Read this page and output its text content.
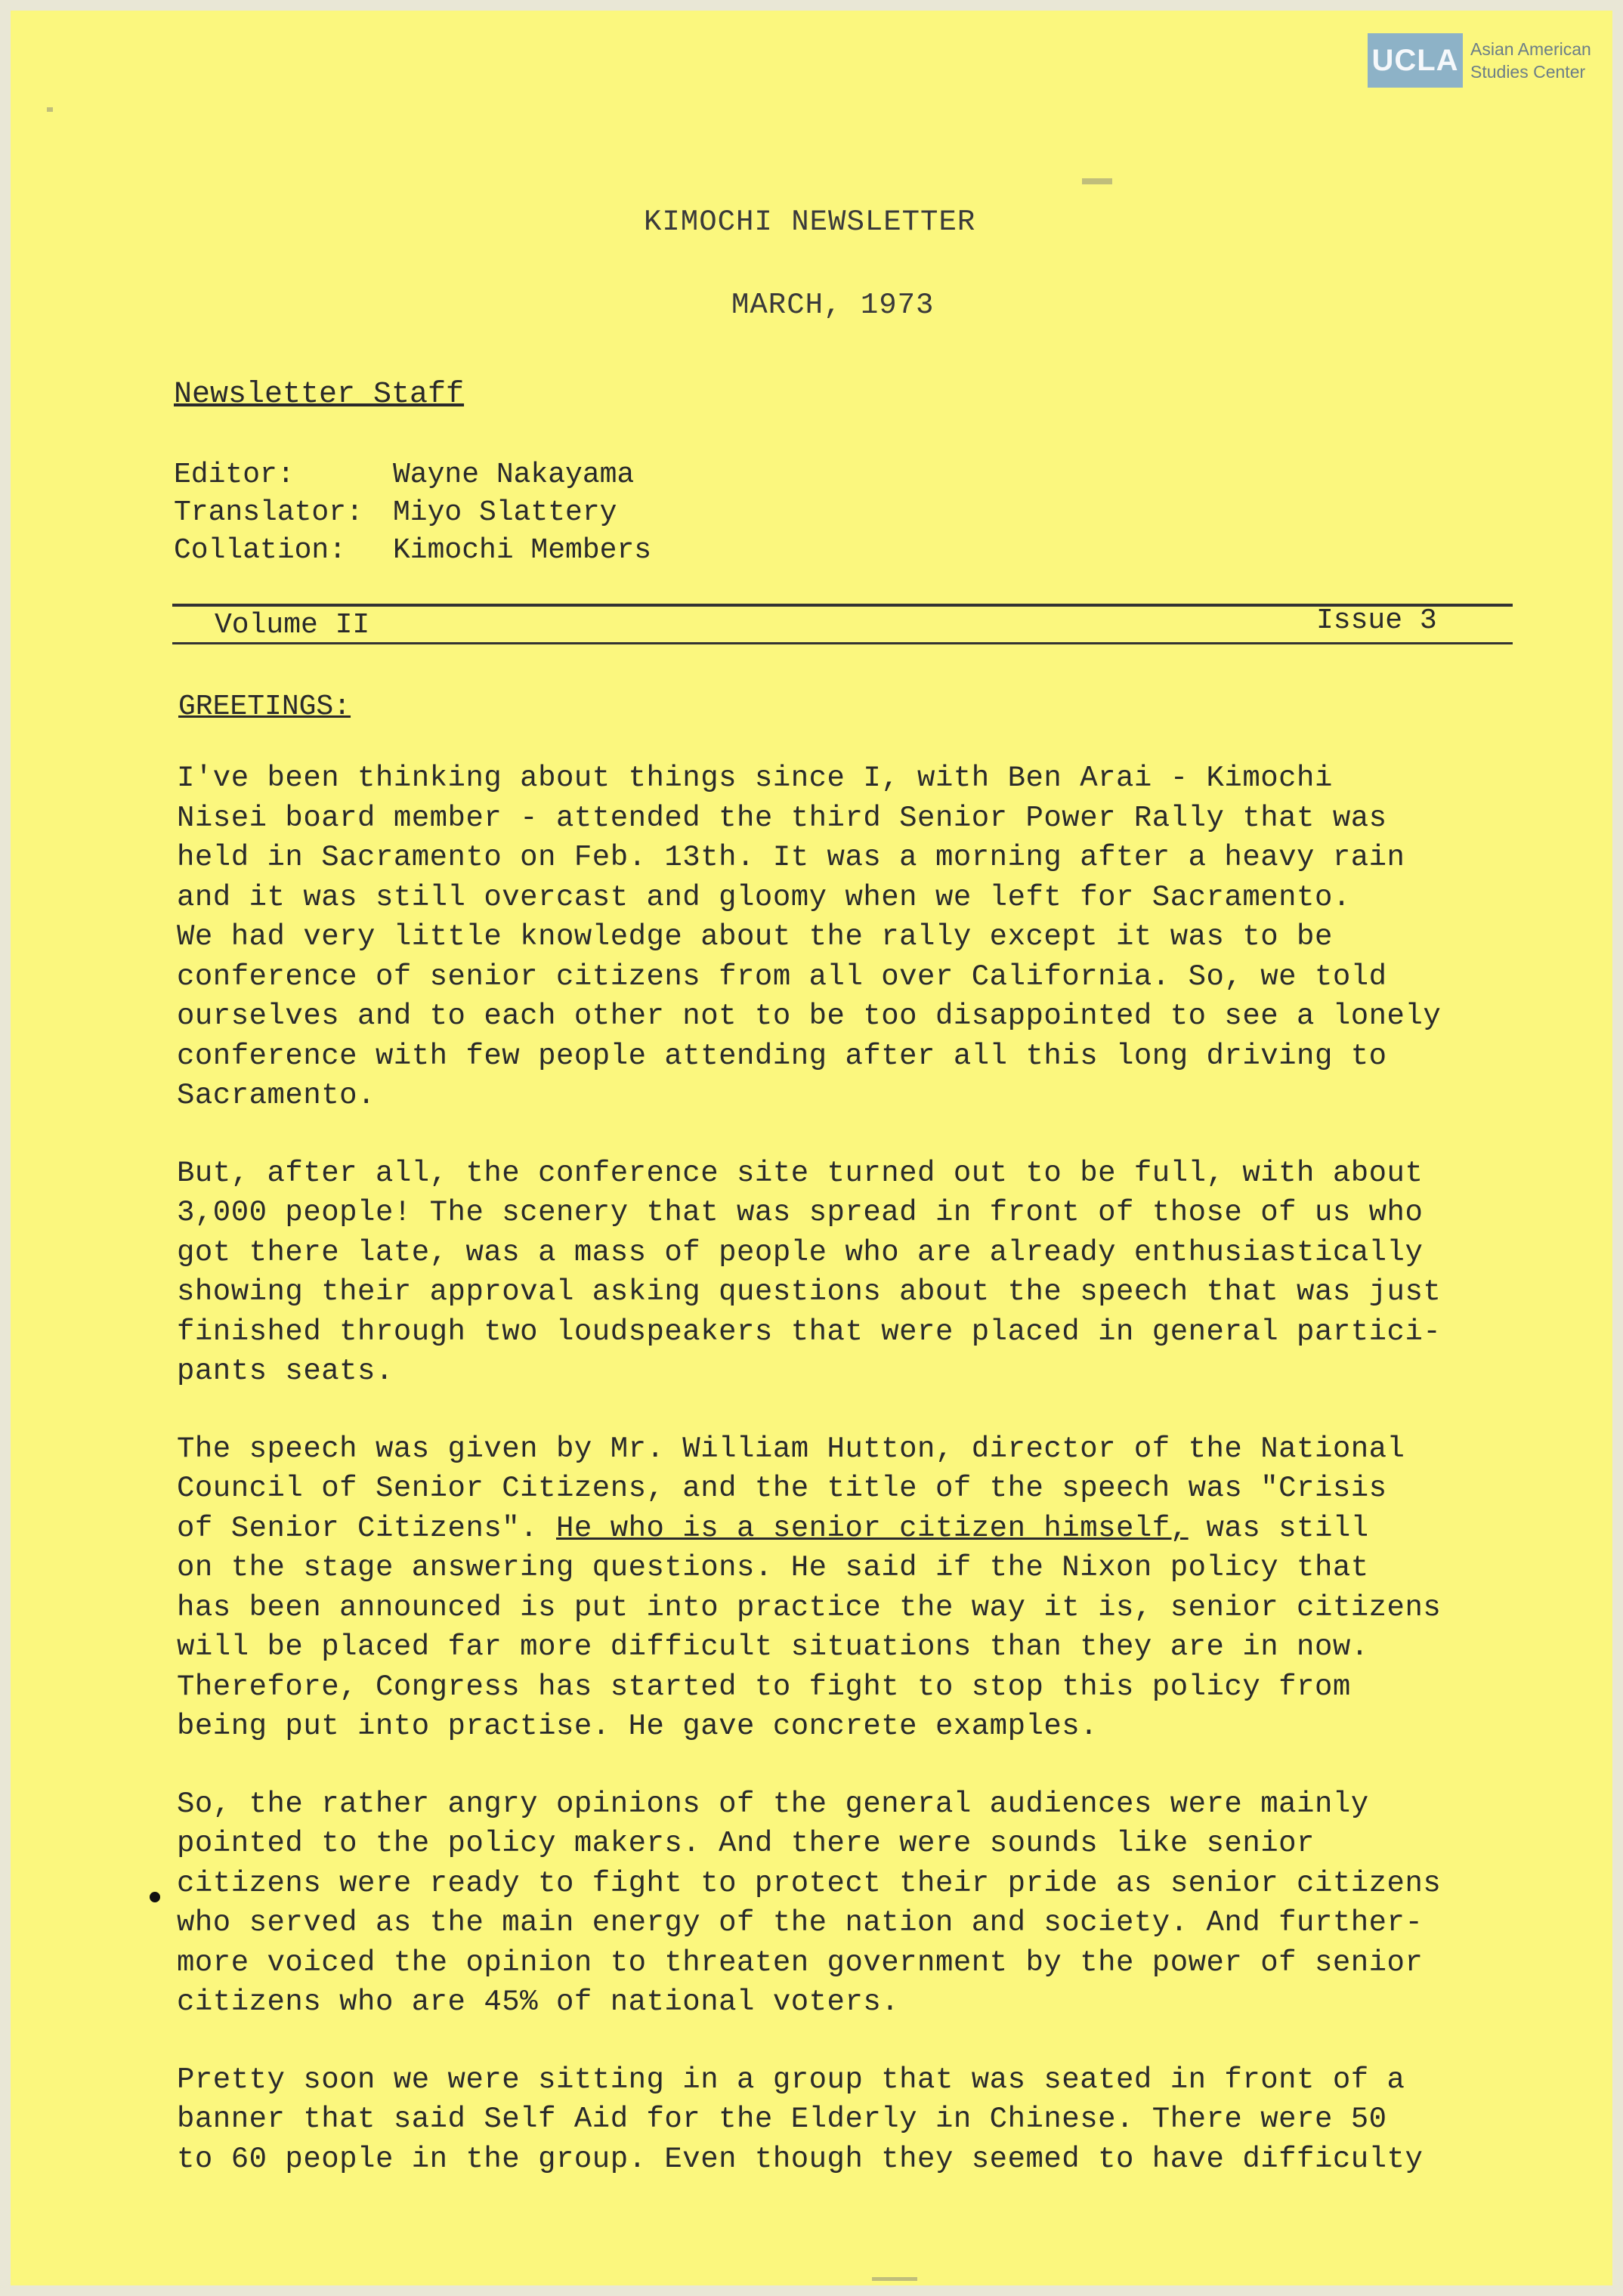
UCLA Asian American
Studies Center
KIMOCHI NEWSLETTER
MARCH, 1973
Newsletter Staff
Editor:	Wayne Nakayama
Translator: Miyo Slattery
Collation: Kimochi Members
Volume II	Issue 3
GREETINGS:

I've been thinking about things since I, with Ben Arai - Kimochi
Nisei board member - attended the third Senior Power Rally that was
held in Sacramento on Feb. 13th. It was a morning after a heavy rain
and it was still overcast and gloomy when we left for Sacramento.
We had very little knowledge about the rally except it was to be
conference of senior citizens from all over California. So, we told
ourselves and to each other not to be too disappointed to see a lonely
conference with few people attending after all this long driving to
Sacramento.

But, after all, the conference site turned out to be full, with about
3,000 people! The scenery that was spread in front of those of us who
got there late, was a mass of people who are already enthusiastically
showing their approval asking questions about the speech that was just
finished through two loudspeakers that were placed in general partici-
pants seats.

The speech was given by Mr. William Hutton, director of the National
Council of Senior Citizens, and the title of the speech was "Crisis
of Senior Citizens". He who is a senior citizen himself, was still
on the stage answering questions. He said if the Nixon policy that
has been announced is put into practice the way it is, senior citizens
will be placed far more difficult situations than they are in now.
Therefore, Congress has started to fight to stop this policy from
being put into practise. He gave concrete examples.

So, the rather angry opinions of the general audiences were mainly
pointed to the policy makers. And there were sounds like senior
citizens were ready to fight to protect their pride as senior citizens
who served as the main energy of the nation and society. And further-
more voiced the opinion to threaten government by the power of senior
citizens who are 45% of national voters.

Pretty soon we were sitting in a group that was seated in front of a
banner that said Self Aid for the Elderly in Chinese. There were 50
to 60 people in the group. Even though they seemed to have difficulty
